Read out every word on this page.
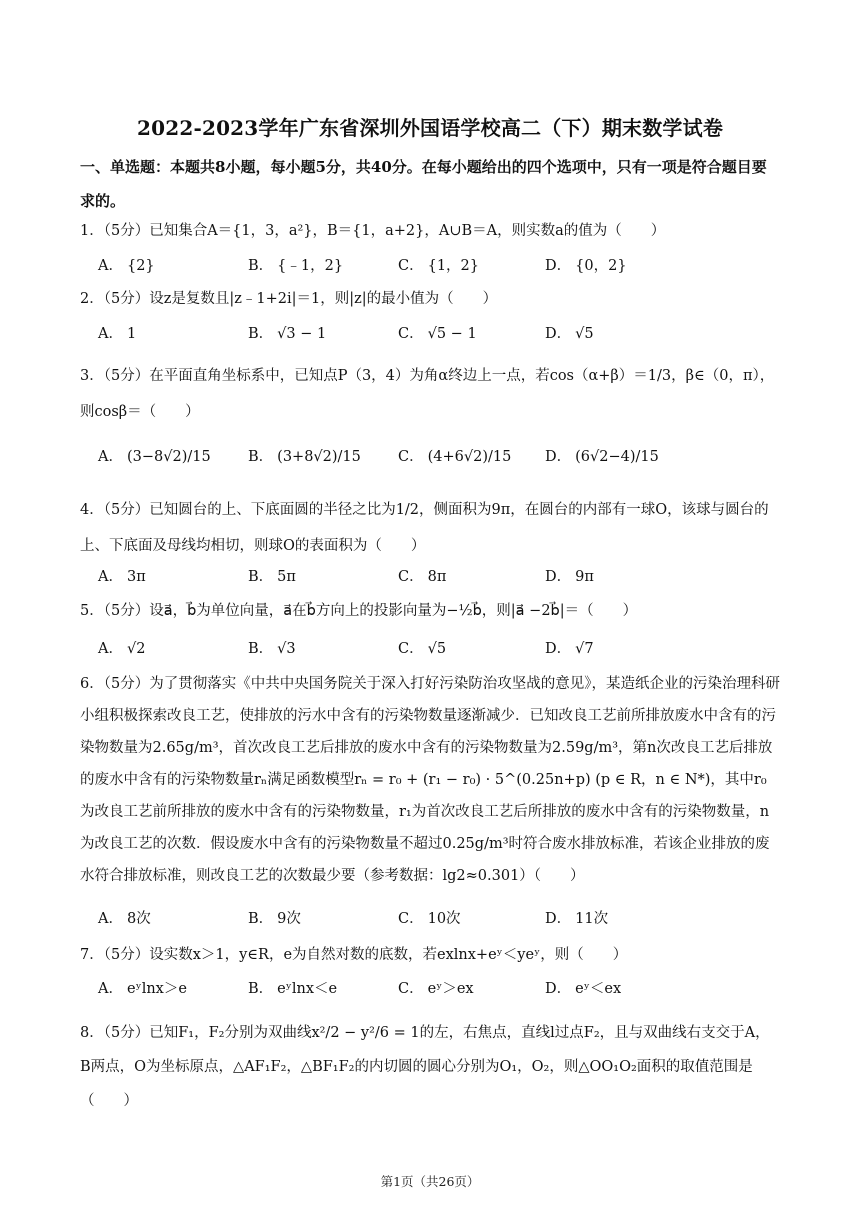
2022-2023学年广东省深圳外国语学校高二（下）期末数学试卷
一、单选题：本题共8小题，每小题5分，共40分。在每小题给出的四个选项中，只有一项是符合题目要求的。

1．（5分）已知集合A＝{1，3，a²}，B＝{1，a+2}，A∪B＝A，则实数a的值为（　　）

A． {2}	B． {﹣1，2}	C． {1，2}	D． {0，2}

2．（5分）设z是复数且|z﹣1+2i|＝1，则|z|的最小值为（　　）

A． 1	B． √3 − 1	C． √5 − 1	D． √5

3．（5分）在平面直角坐标系中，已知点P（3，4）为角α终边上一点，若cos（α+β）＝1/3，β∈（0，π），则cosβ＝（　　）

A． (3−8√2)/15	B． (3+8√2)/15	C． (4+6√2)/15 D． (6√2−4)/15

4．（5分）已知圆台的上、下底面圆的半径之比为1/2，侧面积为9π，在圆台的内部有一球O，该球与圆台的上、下底面及母线均相切，则球O的表面积为（　　）

A． 3π	B． 5π	C． 8π	D． 9π

5．（5分）设a⃗，b⃗为单位向量，a⃗在b⃗方向上的投影向量为−½b⃗，则|a⃗ −2b⃗|＝（　　）

A． √2	B． √3	C． √5	D． √7

6．（5分）为了贯彻落实《中共中央国务院关于深入打好污染防治攻坚战的意见》，某造纸企业的污染治理科研小组积极探索改良工艺，使排放的污水中含有的污染物数量逐渐减少．已知改良工艺前所排放废水中含有的污染物数量为2.65g/m³，首次改良工艺后排放的废水中含有的污染物数量为2.59g/m³，第n次改良工艺后排放的废水中含有的污染物数量rₙ满足函数模型rₙ = r₀ + (r₁ − r₀) · 5^(0.25n+p) (p ∈ R，n ∈ N*)，其中r₀为改良工艺前所排放的废水中含有的污染物数量，r₁为首次改良工艺后所排放的废水中含有的污染物数量，n为改良工艺的次数．假设废水中含有的污染物数量不超过0.25g/m³时符合废水排放标准，若该企业排放的废水符合排放标准，则改良工艺的次数最少要（参考数据：lg2≈0.301）（　　）

A． 8次	B． 9次	C． 10次	D． 11次

7．（5分）设实数x＞1，y∈R，e为自然对数的底数，若exlnx+eʸ＜yeʸ，则（　　）

A． eʸlnx＞e	B． eʸlnx＜e	C． eʸ＞ex	D． eʸ＜ex

8．（5分）已知F₁，F₂分别为双曲线x²/2 − y²/6 = 1的左，右焦点，直线l过点F₂，且与双曲线右支交于A，B两点，O为坐标原点，△AF₁F₂，△BF₁F₂的内切圆的圆心分别为O₁，O₂，则△OO₁O₂面积的取值范围是（　　）

第1页（共26页）
